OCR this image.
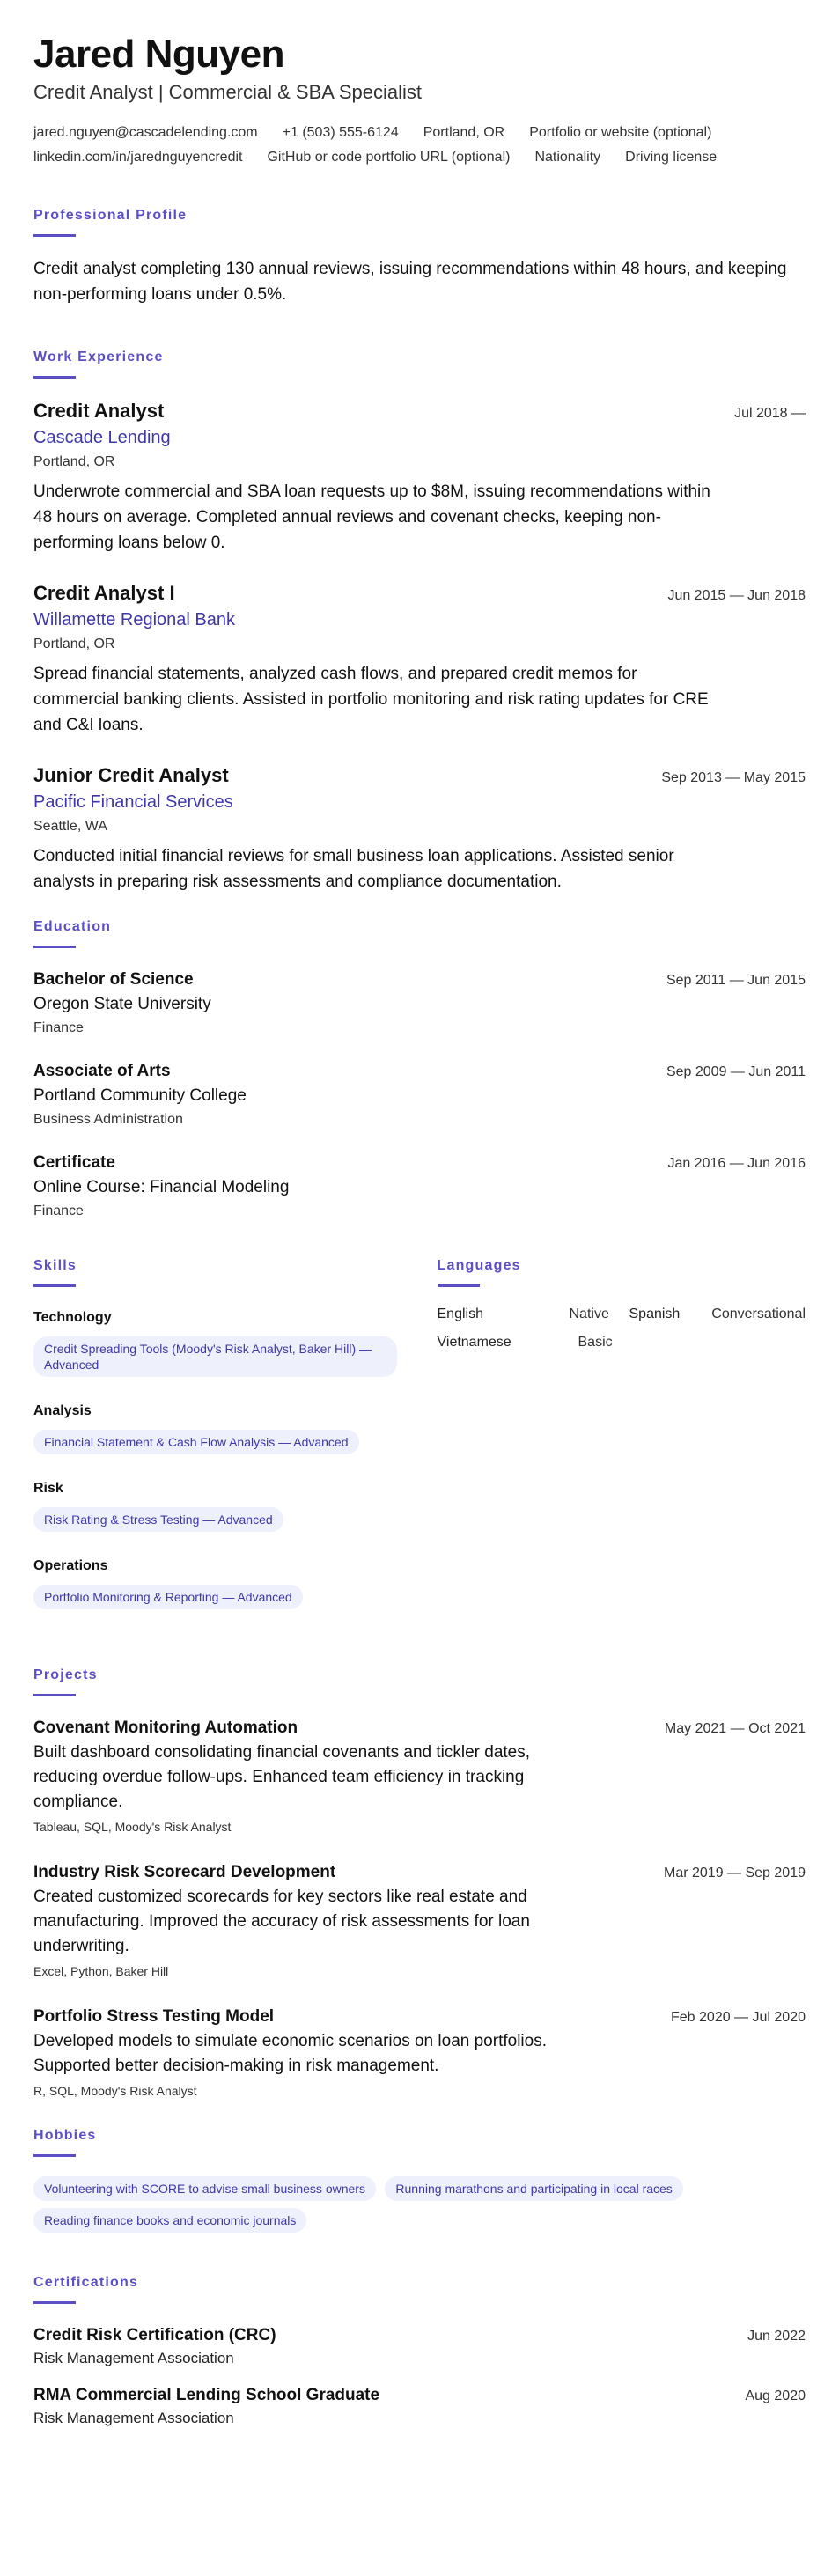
Jared Nguyen
Credit Analyst | Commercial & SBA Specialist
jared.nguyen@cascadelending.com +1 (503) 555-6124 Portland, OR Portfolio or website (optional)
linkedin.com/in/jarednguyencredit GitHub or code portfolio URL (optional) Nationality Driving license
Professional Profile
Credit analyst completing 130 annual reviews, issuing recommendations within 48 hours, and keeping non-performing loans under 0.5%.
Work Experience
Credit Analyst	Jul 2018 —
Cascade Lending
Portland, OR
Underwrote commercial and SBA loan requests up to $8M, issuing recommendations within 48 hours on average. Completed annual reviews and covenant checks, keeping non-performing loans below 0.
Credit Analyst I	Jun 2015 — Jun 2018
Willamette Regional Bank
Portland, OR
Spread financial statements, analyzed cash flows, and prepared credit memos for commercial banking clients. Assisted in portfolio monitoring and risk rating updates for CRE and C&I loans.
Junior Credit Analyst	Sep 2013 — May 2015
Pacific Financial Services
Seattle, WA
Conducted initial financial reviews for small business loan applications. Assisted senior analysts in preparing risk assessments and compliance documentation.
Education
Bachelor of Science	Sep 2011 — Jun 2015
Oregon State University
Finance
Associate of Arts	Sep 2009 — Jun 2011
Portland Community College
Business Administration
Certificate	Jan 2016 — Jun 2016
Online Course: Financial Modeling
Finance
Skills
Technology
Credit Spreading Tools (Moody's Risk Analyst, Baker Hill) — Advanced
Analysis
Financial Statement & Cash Flow Analysis — Advanced
Risk
Risk Rating & Stress Testing — Advanced
Operations
Portfolio Monitoring & Reporting — Advanced
Languages
English	Native	Spanish	Conversational
Vietnamese	Basic
Projects
Covenant Monitoring Automation	May 2021 — Oct 2021
Built dashboard consolidating financial covenants and tickler dates, reducing overdue follow-ups. Enhanced team efficiency in tracking compliance.
Tableau, SQL, Moody's Risk Analyst
Industry Risk Scorecard Development	Mar 2019 — Sep 2019
Created customized scorecards for key sectors like real estate and manufacturing. Improved the accuracy of risk assessments for loan underwriting.
Excel, Python, Baker Hill
Portfolio Stress Testing Model	Feb 2020 — Jul 2020
Developed models to simulate economic scenarios on loan portfolios. Supported better decision-making in risk management.
R, SQL, Moody's Risk Analyst
Hobbies
Volunteering with SCORE to advise small business owners Running marathons and participating in local races Reading finance books and economic journals
Certifications
Credit Risk Certification (CRC)	Jun 2022
Risk Management Association
RMA Commercial Lending School Graduate	Aug 2020
Risk Management Association
